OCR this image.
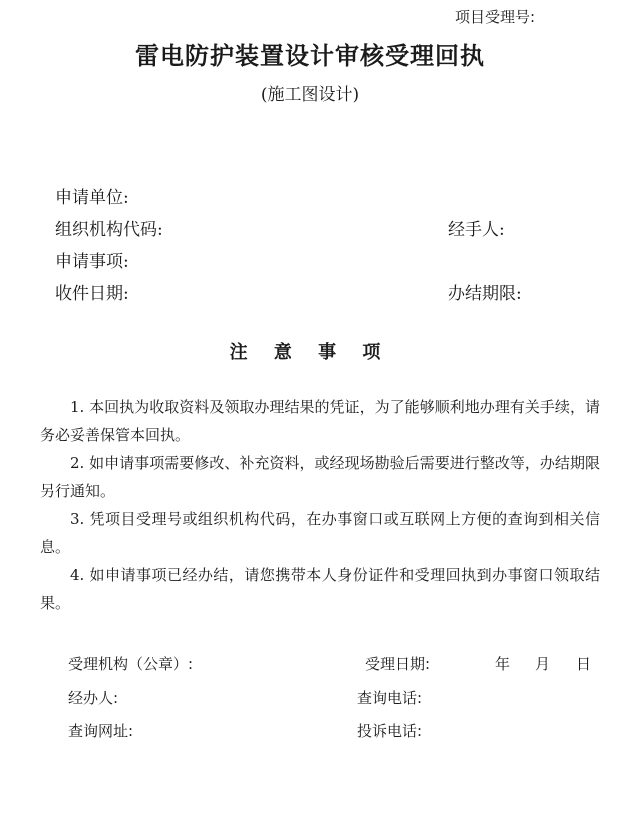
项目受理号:
雷电防护装置设计审核受理回执
(施工图设计)
申请单位:
组织机构代码:	经手人:
申请事项:
收件日期:	办结期限:
注 意 事 项
1. 本回执为收取资料及领取办理结果的凭证，为了能够顺利地办理有关手续，请务必妥善保管本回执。
2. 如申请事项需要修改、补充资料，或经现场勘验后需要进行整改等，办结期限另行通知。
3. 凭项目受理号或组织机构代码，在办事窗口或互联网上方便的查询到相关信息。
4. 如申请事项已经办结，请您携带本人身份证件和受理回执到办事窗口领取结果。
受理机构（公章）:	受理日期:	年 月 日
经办人:	查询电话:
查询网址:	投诉电话:
